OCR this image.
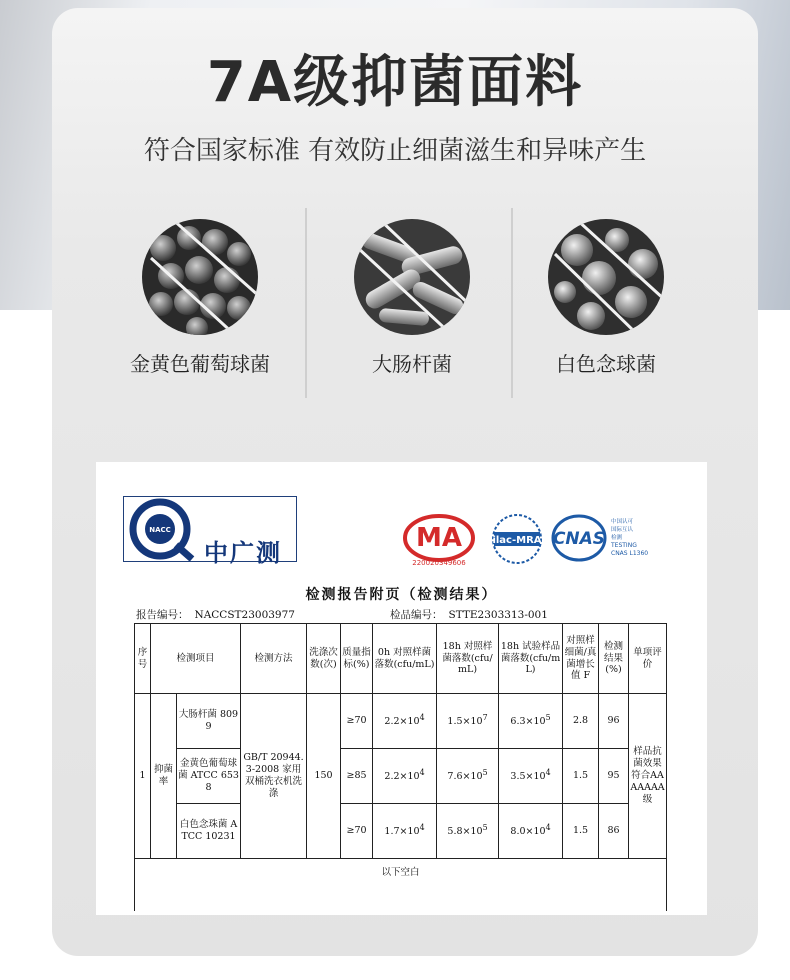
7A级抑菌面料
符合国家标准 有效防止细菌滋生和异味产生
金黄色葡萄球菌	大肠杆菌	白色念球菌
NACC
中广测	MA
220020349606
ilac-MRA CNAS
中国认可
国际互认
检测
TESTING
CNAS L1360
检测报告附页（检测结果）
报告编号： NACCST23003977	检品编号： STTE2303313-001
序号	检测项目		检测方法	洗涤次数(次)	质量指标(%)	0h 对照样菌落数(cfu/mL)	18h 对照样菌落数(cfu/mL)	18h 试验样品菌落数(cfu/mL)	对照样细菌/真菌增长值 F	检测结果(%)	单项评价
1	抑菌率	大肠杆菌 8099	GB/T 20944.3-2008 家用双桶洗衣机洗涤	150	≥70	$2.2\times 10^4$	$1.5\times 10^7$	$6.3\times 10^5$	2.8	96	样品抗菌效果符合AAAAAAA级
		金黄色葡萄球菌 ATCC 6538			≥85	$2.2\times 10^4$	$7.6\times 10^5$	$3.5\times 10^4$	1.5	95	
		白色念珠菌 ATCC 10231			≥70	$1.7\times 10^4$	$5.8\times 10^5$	$8.0\times 10^4$	1.5	86	
以下空白											
